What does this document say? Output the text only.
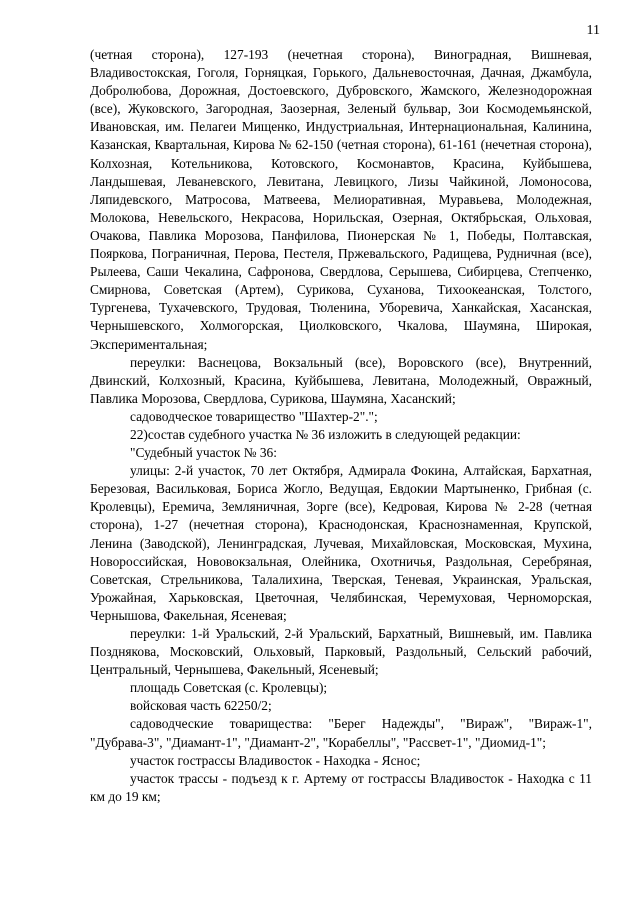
11

(четная сторона), 127-193 (нечетная сторона), Виноградная, Вишневая, Владивостокская, Гоголя, Горняцкая, Горького, Дальневосточная, Дачная, Джамбула, Добролюбова, Дорожная, Достоевского, Дубровского, Жамского, Железнодорожная (все), Жуковского, Загородная, Заозерная, Зеленый бульвар, Зои Космодемьянской, Ивановская, им. Пелагеи Мищенко, Индустриальная, Интернациональная, Калинина, Казанская, Квартальная, Кирова № 62-150 (четная сторона), 61-161 (нечетная сторона), Колхозная, Котельникова, Котовского, Космонавтов, Красина, Куйбышева, Ландышевая, Леваневского, Левитана, Левицкого, Лизы Чайкиной, Ломоносова, Ляпидевского, Матросова, Матвеева, Мелиоративная, Муравьева, Молодежная, Молокова, Невельского, Некрасова, Норильская, Озерная, Октябрьская, Ольховая, Очакова, Павлика Морозова, Панфилова, Пионерская № 1, Победы, Полтавская, Пояркова, Пограничная, Перова, Пестеля, Пржевальского, Радищева, Рудничная (все), Рылеева, Саши Чекалина, Сафронова, Свердлова, Серышева, Сибирцева, Степченко, Смирнова, Советская (Артем), Сурикова, Суханова, Тихоокеанская, Толстого, Тургенева, Тухачевского, Трудовая, Тюленина, Уборевича, Ханкайская, Хасанская, Чернышевского, Холмогорская, Циолковского, Чкалова, Шаумяна, Широкая, Экспериментальная;

переулки: Васнецова, Вокзальный (все), Воровского (все), Внутренний, Двинский, Колхозный, Красина, Куйбышева, Левитана, Молодежный, Овражный, Павлика Морозова, Свердлова, Сурикова, Шаумяна, Хасанский;

садоводческое товарищество "Шахтер-2".";

22)состав судебного участка № 36 изложить в следующей редакции:

"Судебный участок № 36:

улицы: 2-й участок, 70 лет Октября, Адмирала Фокина, Алтайская, Бархатная, Березовая, Васильковая, Бориса Жогло, Ведущая, Евдокии Мартыненко, Грибная (с. Кролевцы), Еремича, Земляничная, Зорге (все), Кедровая, Кирова № 2-28 (четная сторона), 1-27 (нечетная сторона), Краснодонская, Краснознаменная, Крупской, Ленина (Заводской), Ленинградская, Лучевая, Михайловская, Московская, Мухина, Новороссийская, Нововокзальная, Олейника, Охотничья, Раздольная, Серебряная, Советская, Стрельникова, Талалихина, Тверская, Теневая, Украинская, Уральская, Урожайная, Харьковская, Цветочная, Челябинская, Черемуховая, Черноморская, Чернышова, Факельная, Ясеневая;

переулки: 1-й Уральский, 2-й Уральский, Бархатный, Вишневый, им. Павлика Позднякова, Московский, Ольховый, Парковый, Раздольный, Сельский рабочий, Центральный, Чернышева, Факельный, Ясеневый;

площадь Советская (с. Кролевцы);

войсковая часть 62250/2;

садоводческие товарищества: "Берег Надежды", "Вираж", "Вираж-1", "Дубрава-3", "Диамант-1", "Диамант-2", "Корабеллы", "Рассвет-1", "Диомид-1";

участок гострассы Владивосток - Находка - Яснос;

участок трассы - подъезд к г. Артему от гострассы Владивосток - Находка с 11 км до 19 км;
